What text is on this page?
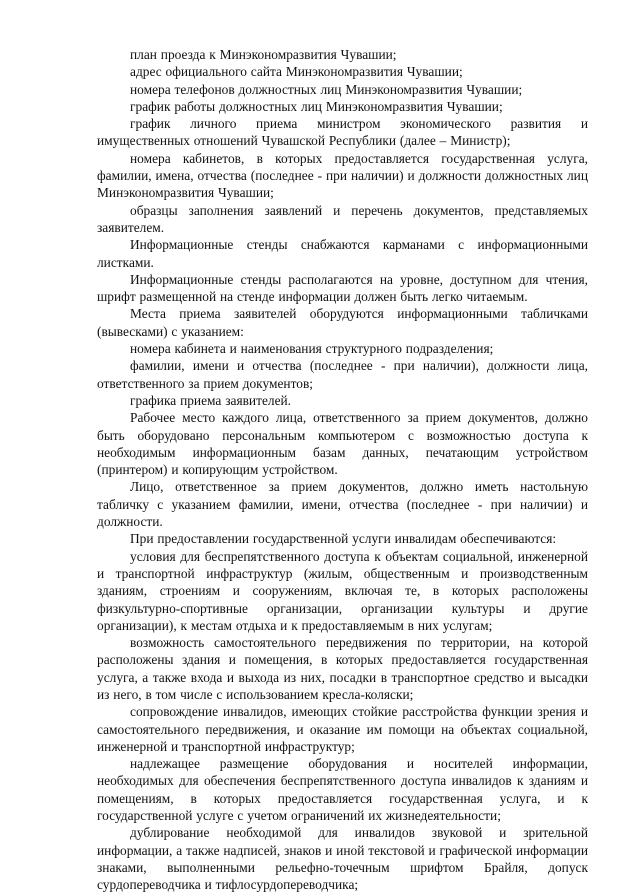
план проезда к Минэкономразвития Чувашии;

адрес официального сайта Минэкономразвития Чувашии;

номера телефонов должностных лиц Минэкономразвития Чувашии;

график работы должностных лиц Минэкономразвития Чувашии;

график личного приема министром экономического развития и имущественных отношений Чувашской Республики (далее – Министр);

номера кабинетов, в которых предоставляется государственная услуга, фамилии, имена, отчества (последнее - при наличии) и должности должностных лиц Минэкономразвития Чувашии;

образцы заполнения заявлений и перечень документов, представляемых заявителем.

Информационные стенды снабжаются карманами с информационными листками.

Информационные стенды располагаются на уровне, доступном для чтения, шрифт размещенной на стенде информации должен быть легко читаемым.

Места приема заявителей оборудуются информационными табличками (вывесками) с указанием:

номера кабинета и наименования структурного подразделения;

фамилии, имени и отчества (последнее - при наличии), должности лица, ответственного за прием документов;

графика приема заявителей.

Рабочее место каждого лица, ответственного за прием документов, должно быть оборудовано персональным компьютером с возможностью доступа к необходимым информационным базам данных, печатающим устройством (принтером) и копирующим устройством.

Лицо, ответственное за прием документов, должно иметь настольную табличку с указанием фамилии, имени, отчества (последнее - при наличии) и должности.

При предоставлении государственной услуги инвалидам обеспечиваются:

условия для беспрепятственного доступа к объектам социальной, инженерной и транспортной инфраструктур (жилым, общественным и производственным зданиям, строениям и сооружениям, включая те, в которых расположены физкультурно-спортивные организации, организации культуры и другие организации), к местам отдыха и к предоставляемым в них услугам;

возможность самостоятельного передвижения по территории, на которой расположены здания и помещения, в которых предоставляется государственная услуга, а также входа и выхода из них, посадки в транспортное средство и высадки из него, в том числе с использованием кресла-коляски;

сопровождение инвалидов, имеющих стойкие расстройства функции зрения и самостоятельного передвижения, и оказание им помощи на объектах социальной, инженерной и транспортной инфраструктур;

надлежащее размещение оборудования и носителей информации, необходимых для обеспечения беспрепятственного доступа инвалидов к зданиям и помещениям, в которых предоставляется государственная услуга, и к государственной услуге с учетом ограничений их жизнедеятельности;

дублирование необходимой для инвалидов звуковой и зрительной информации, а также надписей, знаков и иной текстовой и графической информации знаками, выполненными рельефно-точечным шрифтом Брайля, допуск сурдопереводчика и тифлосурдопереводчика;
